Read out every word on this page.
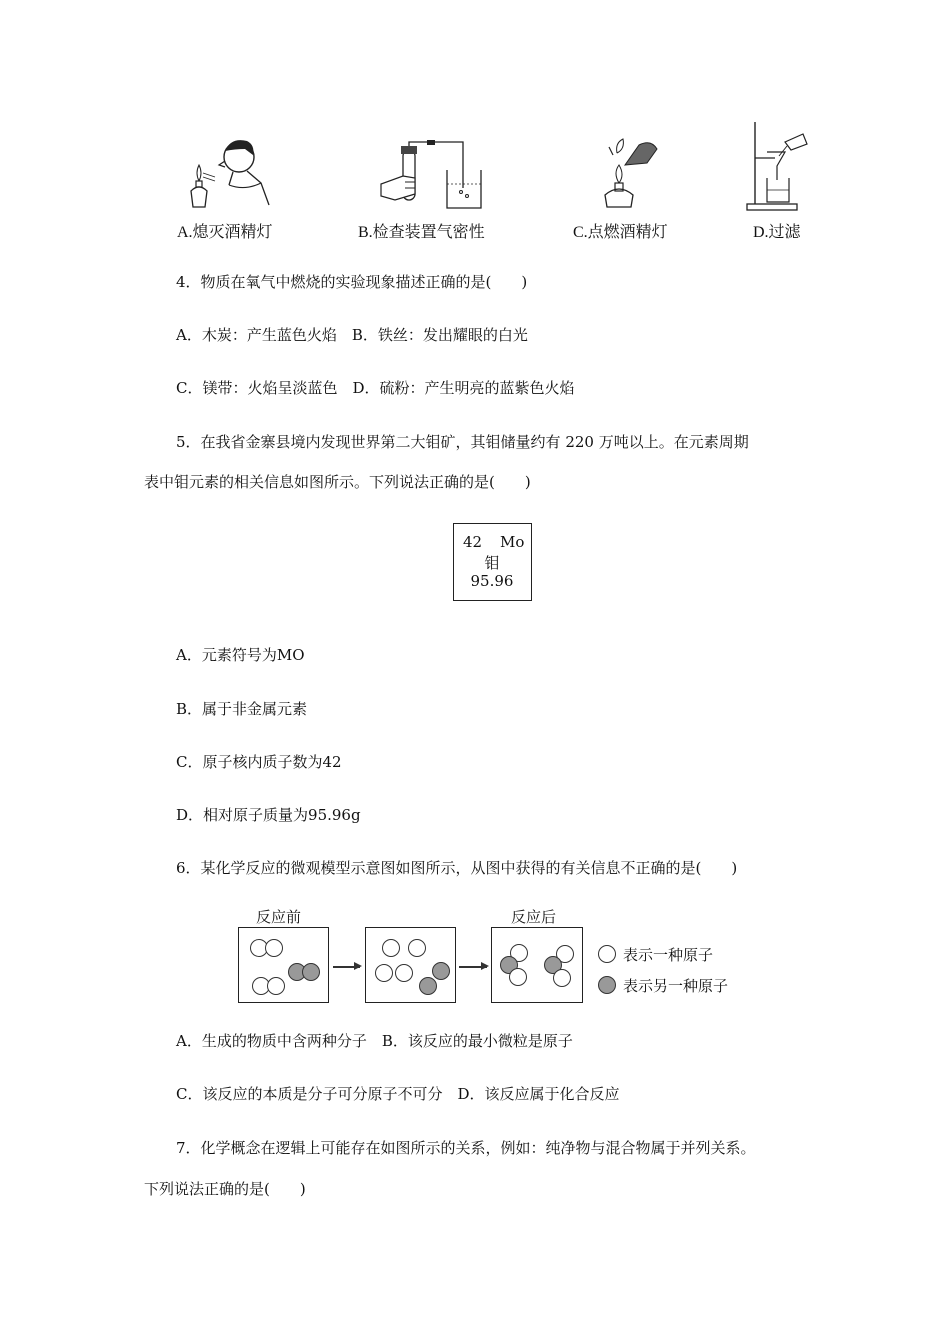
A.熄灭酒精灯	B.检查装置气密性	C.点燃酒精灯	D.过滤
4．物质在氧气中燃烧的实验现象描述正确的是(　　)
A．木炭：产生蓝色火焰　B．铁丝：发出耀眼的白光
C．镁带：火焰呈淡蓝色　D．硫粉：产生明亮的蓝紫色火焰
5．在我省金寨县境内发现世界第二大钼矿，其钼储量约有 220 万吨以上。在元素周期
表中钼元素的相关信息如图所示。下列说法正确的是(　　)
42 Mo
钼
95.96
A．元素符号为MO
B．属于非金属元素
C．原子核内质子数为42
D．相对原子质量为95.96g
6．某化学反应的微观模型示意图如图所示，从图中获得的有关信息不正确的是(　　)
反应前	反应后
表示一种原子
表示另一种原子
A．生成的物质中含两种分子　B．该反应的最小微粒是原子
C．该反应的本质是分子可分原子不可分　D．该反应属于化合反应
7．化学概念在逻辑上可能存在如图所示的关系，例如：纯净物与混合物属于并列关系。
下列说法正确的是(　　)
